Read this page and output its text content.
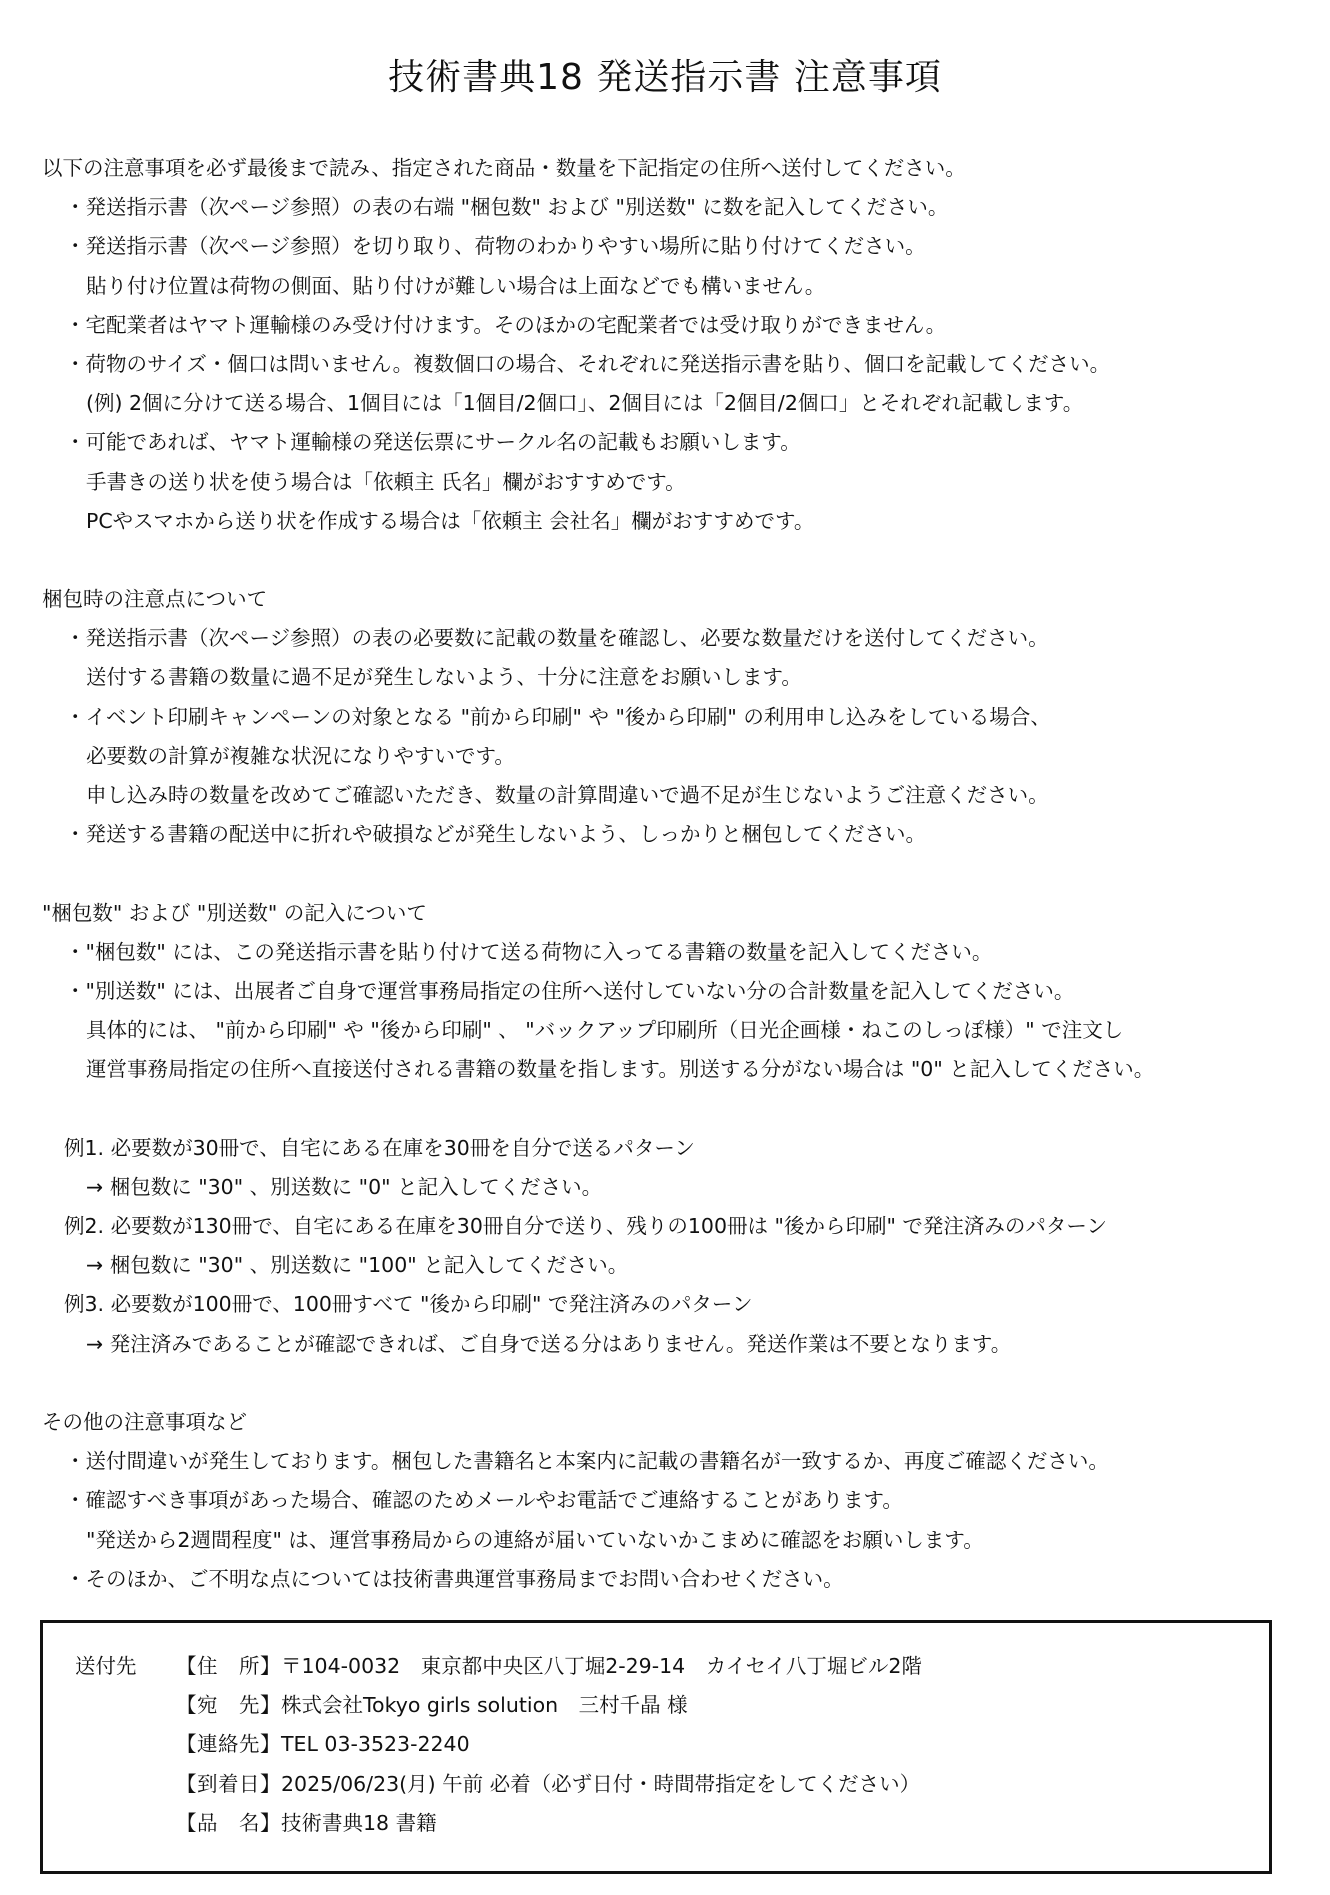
技術書典18 発送指示書 注意事項
以下の注意事項を必ず最後まで読み、指定された商品・数量を下記指定の住所へ送付してください。
・発送指示書（次ページ参照）の表の右端 "梱包数" および "別送数" に数を記入してください。
・発送指示書（次ページ参照）を切り取り、荷物のわかりやすい場所に貼り付けてください。
貼り付け位置は荷物の側面、貼り付けが難しい場合は上面などでも構いません。
・宅配業者はヤマト運輸様のみ受け付けます。そのほかの宅配業者では受け取りができません。
・荷物のサイズ・個口は問いません。複数個口の場合、それぞれに発送指示書を貼り、個口を記載してください。
(例) 2個に分けて送る場合、1個目には「1個目/2個口」、2個目には「2個目/2個口」とそれぞれ記載します。
・可能であれば、ヤマト運輸様の発送伝票にサークル名の記載もお願いします。
手書きの送り状を使う場合は「依頼主 氏名」欄がおすすめです。
PCやスマホから送り状を作成する場合は「依頼主 会社名」欄がおすすめです。
梱包時の注意点について
・発送指示書（次ページ参照）の表の必要数に記載の数量を確認し、必要な数量だけを送付してください。
送付する書籍の数量に過不足が発生しないよう、十分に注意をお願いします。
・イベント印刷キャンペーンの対象となる "前から印刷" や "後から印刷" の利用申し込みをしている場合、
必要数の計算が複雑な状況になりやすいです。
申し込み時の数量を改めてご確認いただき、数量の計算間違いで過不足が生じないようご注意ください。
・発送する書籍の配送中に折れや破損などが発生しないよう、しっかりと梱包してください。
"梱包数" および "別送数" の記入について
・"梱包数" には、この発送指示書を貼り付けて送る荷物に入ってる書籍の数量を記入してください。
・"別送数" には、出展者ご自身で運営事務局指定の住所へ送付していない分の合計数量を記入してください。
具体的には、 "前から印刷" や "後から印刷" 、 "バックアップ印刷所（日光企画様・ねこのしっぽ様）" で注文し
運営事務局指定の住所へ直接送付される書籍の数量を指します。別送する分がない場合は "0" と記入してください。
例1. 必要数が30冊で、自宅にある在庫を30冊を自分で送るパターン
→ 梱包数に "30" 、別送数に "0" と記入してください。
例2. 必要数が130冊で、自宅にある在庫を30冊自分で送り、残りの100冊は "後から印刷" で発注済みのパターン
→ 梱包数に "30" 、別送数に "100" と記入してください。
例3. 必要数が100冊で、100冊すべて "後から印刷" で発注済みのパターン
→ 発注済みであることが確認できれば、ご自身で送る分はありません。発送作業は不要となります。
その他の注意事項など
・送付間違いが発生しております。梱包した書籍名と本案内に記載の書籍名が一致するか、再度ご確認ください。
・確認すべき事項があった場合、確認のためメールやお電話でご連絡することがあります。
"発送から2週間程度" は、運営事務局からの連絡が届いていないかこまめに確認をお願いします。
・そのほか、ご不明な点については技術書典運営事務局までお問い合わせください。
送付先 【住　所】〒104-0032　東京都中央区八丁堀2-29-14　カイセイ八丁堀ビル2階
【宛　先】株式会社Tokyo girls solution　三村千晶 様
【連絡先】TEL 03-3523-2240
【到着日】2025/06/23(月) 午前 必着（必ず日付・時間帯指定をしてください）
【品　名】技術書典18 書籍
